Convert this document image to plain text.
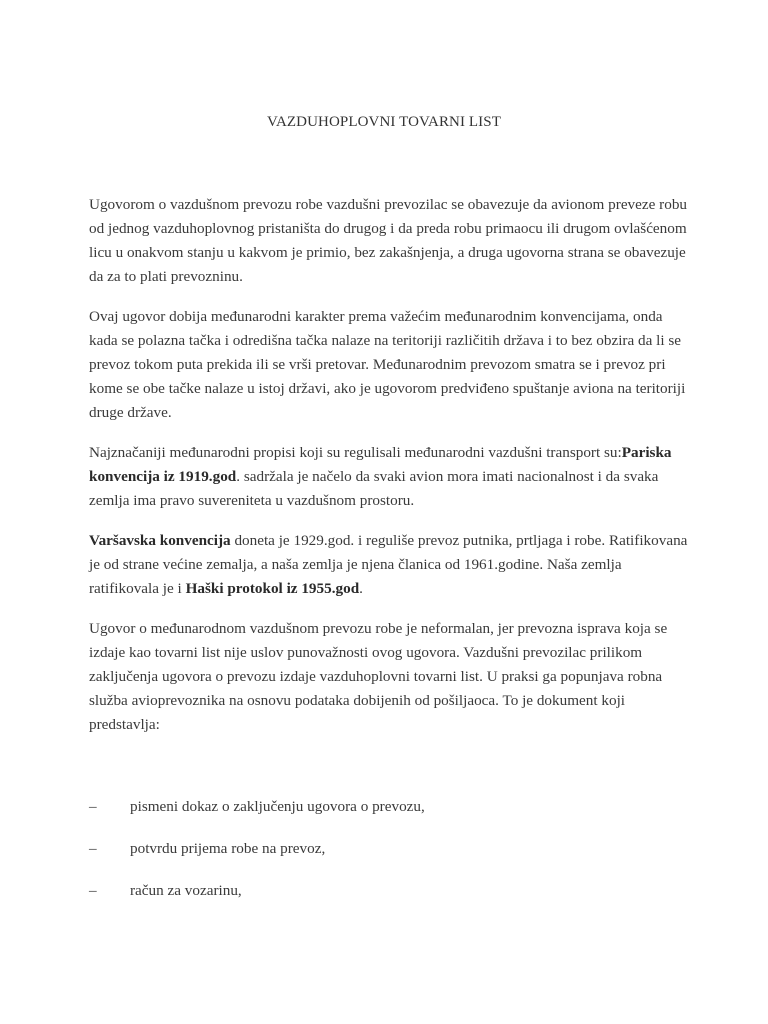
VAZDUHOPLOVNI TOVARNI LIST

Ugovorom o vazdušnom prevozu robe vazdušni prevozilac se obavezuje da avionom preveze robu od jednog vazduhoplovnog pristaništa do drugog i da preda robu primaocu ili drugom ovlašćenom licu u onakvom stanju u kakvom je primio, bez zakašnjenja, a druga ugovorna strana se obavezuje da za to plati prevozninu.

Ovaj ugovor dobija međunarodni karakter prema važećim međunarodnim konvencijama, onda kada se polazna tačka i odredišna tačka nalaze na teritoriji različitih država i to bez obzira da li se prevoz tokom puta prekida ili se vrši pretovar. Međunarodnim prevozom smatra se i prevoz pri kome se obe tačke nalaze u istoj državi, ako je ugovorom predviđeno spuštanje aviona na teritoriji druge države.

Najznačaniji međunarodni propisi koji su regulisali međunarodni vazdušni transport su:Pariska konvencija iz 1919.god. sadržala je načelo da svaki avion mora imati nacionalnost i da svaka zemlja ima pravo suvereniteta u vazdušnom prostoru.

Varšavska konvencija doneta je 1929.god. i reguliše prevoz putnika, prtljaga i robe. Ratifikovana je od strane većine zemalja, a naša zemlja je njena članica od 1961.godine. Naša zemlja ratifikovala je i Haški protokol iz 1955.god.

Ugovor o međunarodnom vazdušnom prevozu robe je neformalan, jer prevozna isprava koja se izdaje kao tovarni list nije uslov punovažnosti ovog ugovora. Vazdušni prevozilac prilikom zaključenja ugovora o prevozu izdaje vazduhoplovni tovarni list. U praksi ga popunjava robna služba avioprevoznika na osnovu podataka dobijenih od pošiljaoca. To je dokument koji predstavlja:

– pismeni dokaz o zaključenju ugovora o prevozu,
– potvrdu prijema robe na prevoz,
– račun za vozarinu,
